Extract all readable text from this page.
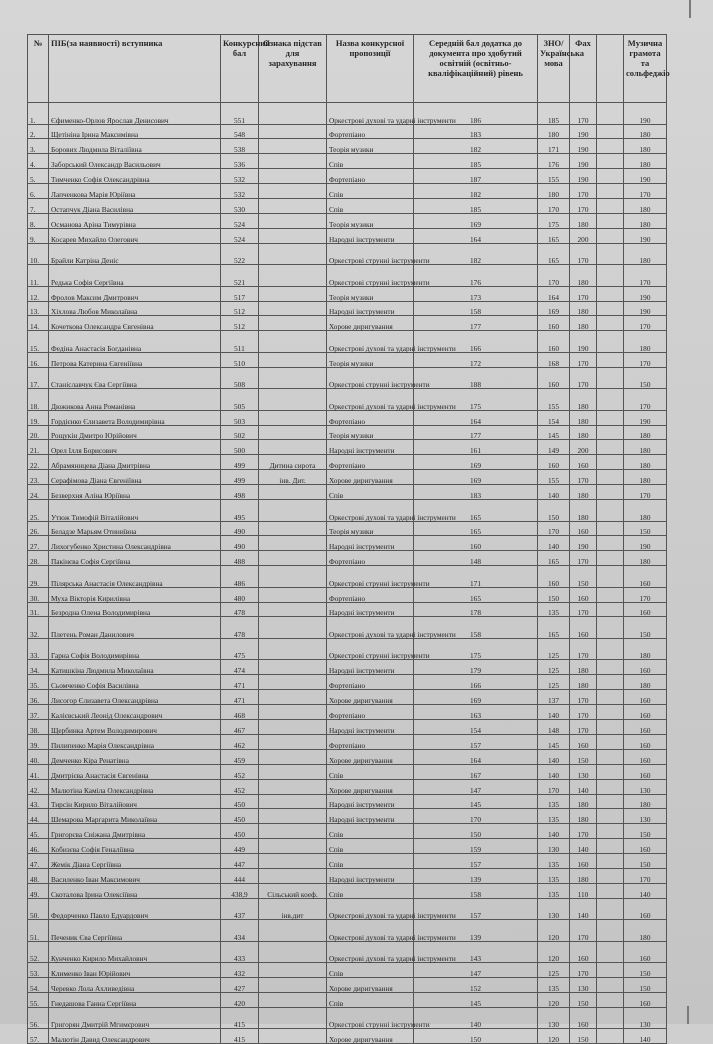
№	ПІБ(за наявності) вступника	Конкурсний бал	Ознака підстав для зарахування	Назва конкурсної пропозиції	Середній бал додатка до документа про здобутий освітній (освітньо-кваліфікаційний) рівень	ЗНО/ Українська мова	Фах		Музична грамота та сольфеджіо
1.	Єфименко-Орлов Ярослав Денисович	551		Оркестрові духові та ударні інструменти	186	185	170		190
2.	Щетініна Ірина Максимівна	548		Фортепіано	183	180	190		180
3.	Борових Людмила Віталіївна	538		Теорія музики	182	171	190		180
4.	Заборський Олександр Васильович	536		Спів	185	176	190		180
5.	Тимченко Софія Олександрівна	532		Фортепіано	187	155	190		190
6.	Лапченкова Марія Юріївна	532		Спів	182	180	170		170
7.	Остапчук Діана Василівна	530		Спів	185	170	170		180
8.	Османова Аріна Тимурівна	524		Теорія музики	169	175	180		180
9.	Косарев Михайло Олегович	524		Народні інструменти	164	165	200		190
10.	Брайли Катріна Деніс	522		Оркестрові струнні інструменти	182	165	170		180
11.	Редька Софія Сергіївна	521		Оркестрові струнні інструменти	176	170	180		170
12.	Фролов Максим Дмитрович	517		Теорія музики	173	164	170		190
13.	Хіхлова Любов Миколаївна	512		Народні інструменти	158	169	180		190
14.	Кочеткова Олександра Євгенівна	512		Хорове диригування	177	160	180		170
15.	Федіна Анастасія Богданівна	511		Оркестрові духові та ударні інструменти	166	160	190		180
16.	Петрова Катерина Євгеніївна	510		Теорія музики	172	168	170		170
17.	Станіславчук Єва Сергіївна	508		Оркестрові струнні інструменти	188	160	170		150
18.	Дюжикова Анна Романівна	505		Оркестрові духові та ударні інструменти	175	155	180		170
19.	Гордієнко Єлизавета Володимирівна	503		Фортепіано	164	154	180		190
20.	Рощукін Дмитро Юрійович	502		Теорія музики	177	145	180		180
21.	Орел Ілля Борисович	500		Народні інструменти	161	149	200		180
22.	Абрамяннцева Діана Дмитрівна	499	Дитина сирота	Фортепіано	169	160	160		180
23.	Серафімова Діана Євгеніївна	499	інв. Дит.	Хорове диригування	169	155	170		180
24.	Безверхня Аліна Юріївна	498		Спів	183	140	180		170
25.	Утюж Тимофій Віталійович	495		Оркестрові духові та ударні інструменти	165	150	180		180
26.	Беладзе Марьям Отиниївна	490		Теорія музики	165	170	160		150
27.	Лихогубенко Христина Олександрівна	490		Народні інструменти	160	140	190		190
28.	Пакінєва Софія Сергіївна	488		Фортепіано	148	165	170		180
29.	Пілярська Анастасія Олександрівна	486		Оркестрові струнні інструменти	171	160	150		160
30.	Муха Вікторія Кирилівна	480		Фортепіано	165	150	160		170
31.	Безродна Олена Володимирівна	478		Народні інструменти	178	135	170		160
32.	Плетень Роман Данилович	478		Оркестрові духові та ударні інструменти	158	165	160		150
33.	Гарна Софія Володимирівна	475		Оркестрові струнні інструменти	175	125	170		180
34.	Катишкіна Людмила Миколаївна	474		Народні інструменти	179	125	180		160
35.	Сьомченко Софія Василівна	471		Фортепіано	166	125	180		180
36.	Лисогор Єлизавета Олександрівна	471		Хорове диригування	169	137	170		160
37.	Калієвський Леонід Олександрович	468		Фортепіано	163	140	170		160
38.	Щербинка Артем Володимирович	467		Народні інструменти	154	148	170		160
39.	Пилипенко Марія Олександрівна	462		Фортепіано	157	145	160		160
40.	Демченко Кіра Ренатівна	459		Хорове диригування	164	140	150		160
41.	Дмитрієва Анастасія Євгенівна	452		Спів	167	140	130		160
42.	Малютіна Каміла Олександрівна	452		Хорове диригування	147	170	140		130
43.	Тирсін Кирило Віталійович	450		Народні інструменти	145	135	180		180
44.	Шемарова Маргарита Миколаївна	450		Народні інструменти	170	135	180		130
45.	Григорєва Сніжана Дмитрівна	450		Спів	150	140	170		150
46.	Кобизєва Софія Геналіївна	449		Спів	159	130	140		160
47.	Жемік Діана Сергіївна	447		Спів	157	135	160		150
48.	Василенко Іван Максимович	444		Народні інструменти	139	135	180		170
49.	Скоталова Ірина Олексіївна	438,9	Сільський коеф.	Спів	158	135	110		140
50.	Федорченко Павло Едуардович	437	інв.дит	Оркестрові духові та ударні інструменти	157	130	140		160
51.	Печеник Єва Сергіївна	434		Оркестрові духові та ударні інструменти	139	120	170		180
52.	Кунченко Кирило Михайлович	433		Оркестрові духові та ударні інструменти	143	120	160		160
53.	Клименко Іван Юрійович	432		Спів	147	125	170		150
54.	Черевко Лола Ахливедівна	427		Хорове диригування	152	135	130		150
55.	Гнедашова Ганна Сергіївна	420		Спів	145	120	150		160
56.	Григорян Дмитрій Мгимєрович	415		Оркестрові струнні інструменти	140	130	160		130
57.	Малютін Давид Олександрович	415		Хорове диригування	150	120	150		140
